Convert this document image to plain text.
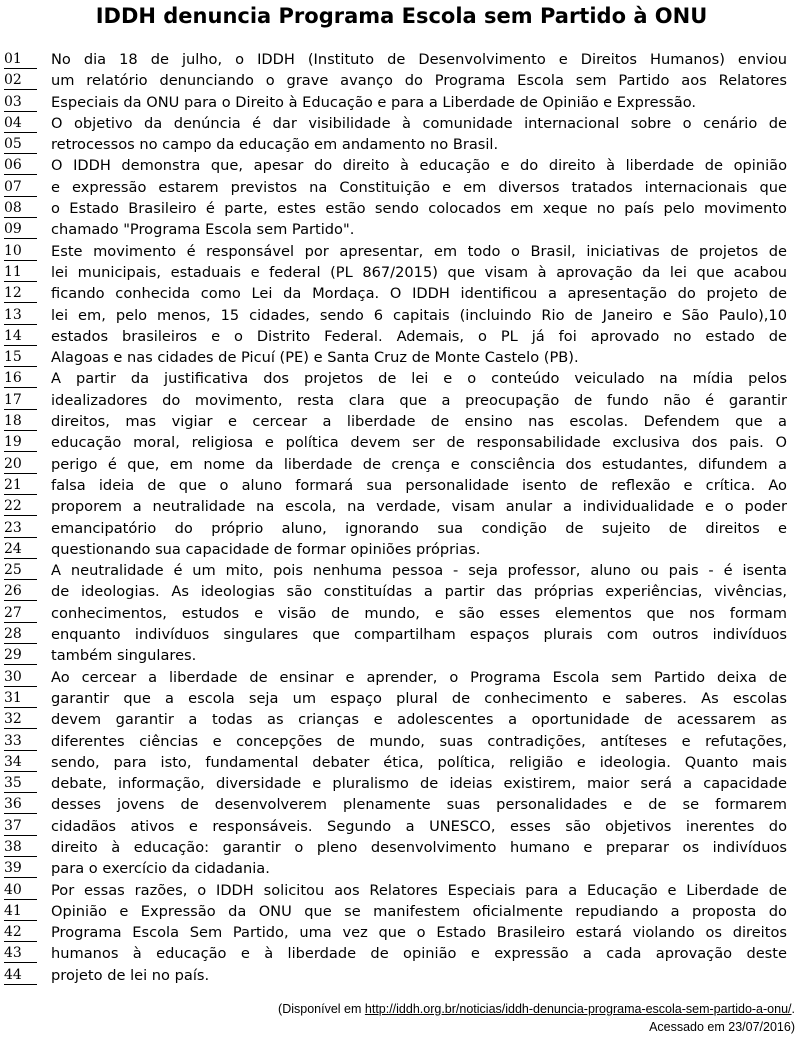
IDDH denuncia Programa Escola sem Partido à ONU
01	No dia 18 de julho, o IDDH (Instituto de Desenvolvimento e Direitos Humanos) enviou
02	um relatório denunciando o grave avanço do Programa Escola sem Partido aos Relatores
03	Especiais da ONU para o Direito à Educação e para a Liberdade de Opinião e Expressão.
04	O objetivo da denúncia é dar visibilidade à comunidade internacional sobre o cenário de
05	retrocessos no campo da educação em andamento no Brasil.
06	O IDDH demonstra que, apesar do direito à educação e do direito à liberdade de opinião
07	e expressão estarem previstos na Constituição e em diversos tratados internacionais que
08	o Estado Brasileiro é parte, estes estão sendo colocados em xeque no país pelo movimento
09	chamado "Programa Escola sem Partido".
10	Este movimento é responsável por apresentar, em todo o Brasil, iniciativas de projetos de
11	lei municipais, estaduais e federal (PL 867/2015) que visam à aprovação da lei que acabou
12	ficando conhecida como Lei da Mordaça. O IDDH identificou a apresentação do projeto de
13	lei em, pelo menos, 15 cidades, sendo 6 capitais (incluindo Rio de Janeiro e São Paulo),10
14	estados brasileiros e o Distrito Federal. Ademais, o PL já foi aprovado no estado de
15	Alagoas e nas cidades de Picuí (PE) e Santa Cruz de Monte Castelo (PB).
16	A partir da justificativa dos projetos de lei e o conteúdo veiculado na mídia pelos
17	idealizadores do movimento, resta clara que a preocupação de fundo não é garantir
18	direitos, mas vigiar e cercear a liberdade de ensino nas escolas. Defendem que a
19	educação moral, religiosa e política devem ser de responsabilidade exclusiva dos pais. O
20	perigo é que, em nome da liberdade de crença e consciência dos estudantes, difundem a
21	falsa ideia de que o aluno formará sua personalidade isento de reflexão e crítica. Ao
22	proporem a neutralidade na escola, na verdade, visam anular a individualidade e o poder
23	emancipatório do próprio aluno, ignorando sua condição de sujeito de direitos e
24	questionando sua capacidade de formar opiniões próprias.
25	A neutralidade é um mito, pois nenhuma pessoa - seja professor, aluno ou pais - é isenta
26	de ideologias. As ideologias são constituídas a partir das próprias experiências, vivências,
27	conhecimentos, estudos e visão de mundo, e são esses elementos que nos formam
28	enquanto indivíduos singulares que compartilham espaços plurais com outros indivíduos
29	também singulares.
30	Ao cercear a liberdade de ensinar e aprender, o Programa Escola sem Partido deixa de
31	garantir que a escola seja um espaço plural de conhecimento e saberes. As escolas
32	devem garantir a todas as crianças e adolescentes a oportunidade de acessarem as
33	diferentes ciências e concepções de mundo, suas contradições, antíteses e refutações,
34	sendo, para isto, fundamental debater ética, política, religião e ideologia. Quanto mais
35	debate, informação, diversidade e pluralismo de ideias existirem, maior será a capacidade
36	desses jovens de desenvolverem plenamente suas personalidades e de se formarem
37	cidadãos ativos e responsáveis. Segundo a UNESCO, esses são objetivos inerentes do
38	direito à educação: garantir o pleno desenvolvimento humano e preparar os indivíduos
39	para o exercício da cidadania.
40	Por essas razões, o IDDH solicitou aos Relatores Especiais para a Educação e Liberdade de
41	Opinião e Expressão da ONU que se manifestem oficialmente repudiando a proposta do
42	Programa Escola Sem Partido, uma vez que o Estado Brasileiro estará violando os direitos
43	humanos à educação e à liberdade de opinião e expressão a cada aprovação deste
44	projeto de lei no país.
(Disponível em http://iddh.org.br/noticias/iddh-denuncia-programa-escola-sem-partido-a-onu/.
Acessado em 23/07/2016)
